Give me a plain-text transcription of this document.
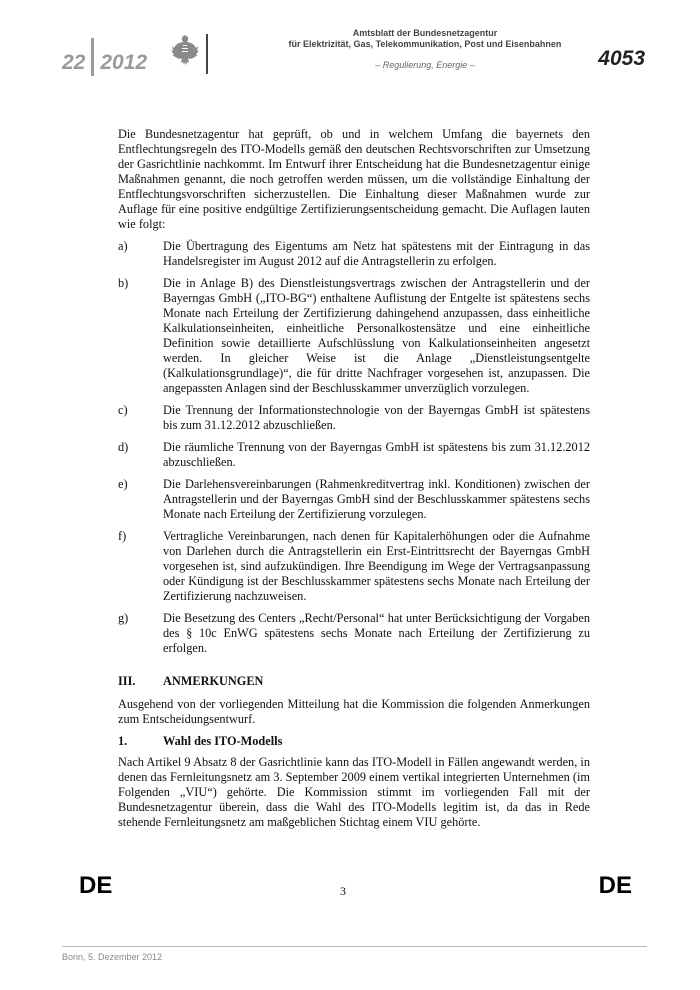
22 2012
Amtsblatt der Bundesnetzagentur
für Elektrizität, Gas, Telekommunikation, Post und Eisenbahnen
– Regulierung, Energie –	4053

Die Bundesnetzagentur hat geprüft, ob und in welchem Umfang die bayernets den Entflechtungsregeln des ITO-Modells gemäß den deutschen Rechtsvorschriften zur Umsetzung der Gasrichtlinie nachkommt. Im Entwurf ihrer Entscheidung hat die Bundesnetzagentur einige Maßnahmen genannt, die noch getroffen werden müssen, um die vollständige Einhaltung der Entflechtungsvorschriften sicherzustellen. Die Einhaltung dieser Maßnahmen wurde zur Auflage für eine positive endgültige Zertifizierungsentscheidung gemacht. Die Auflagen lauten wie folgt:

a)	Die Übertragung des Eigentums am Netz hat spätestens mit der Eintragung in das Handelsregister im August 2012 auf die Antragstellerin zu erfolgen.
b)	Die in Anlage B) des Dienstleistungsvertrags zwischen der Antragstellerin und der Bayerngas GmbH („ITO-BG“) enthaltene Auflistung der Entgelte ist spätestens sechs Monate nach Erteilung der Zertifizierung dahingehend anzupassen, dass einheitliche Kalkulationseinheiten, einheitliche Personalkostensätze und eine einheitliche Definition sowie detaillierte Aufschlüsslung von Kalkulationseinheiten angesetzt werden. In gleicher Weise ist die Anlage „Dienstleistungsentgelte (Kalkulationsgrundlage)“, die für dritte Nachfrager vorgesehen ist, anzupassen. Die angepassten Anlagen sind der Beschlusskammer unverzüglich vorzulegen.
c)	Die Trennung der Informationstechnologie von der Bayerngas GmbH ist spätestens bis zum 31.12.2012 abzuschließen.
d)	Die räumliche Trennung von der Bayerngas GmbH ist spätestens bis zum 31.12.2012 abzuschließen.
e)	Die Darlehensvereinbarungen (Rahmenkreditvertrag inkl. Konditionen) zwischen der Antragstellerin und der Bayerngas GmbH sind der Beschlusskammer spätestens sechs Monate nach Erteilung der Zertifizierung vorzulegen.
f)	Vertragliche Vereinbarungen, nach denen für Kapitalerhöhungen oder die Aufnahme von Darlehen durch die Antragstellerin ein Erst-Eintrittsrecht der Bayerngas GmbH vorgesehen ist, sind aufzukündigen. Ihre Beendigung im Wege der Vertragsanpassung oder Kündigung ist der Beschlusskammer spätestens sechs Monate nach Erteilung der Zertifizierung nachzuweisen.
g)	Die Besetzung des Centers „Recht/Personal“ hat unter Berücksichtigung der Vorgaben des § 10c EnWG spätestens sechs Monate nach Erteilung der Zertifizierung zu erfolgen.
III.	ANMERKUNGEN

Ausgehend von der vorliegenden Mitteilung hat die Kommission die folgenden Anmerkungen zum Entscheidungsentwurf.

1.	Wahl des ITO-Modells

Nach Artikel 9 Absatz 8 der Gasrichtlinie kann das ITO-Modell in Fällen angewandt werden, in denen das Fernleitungsnetz am 3. September 2009 einem vertikal integrierten Unternehmen (im Folgenden „VIU“) gehörte. Die Kommission stimmt im vorliegenden Fall mit der Bundesnetzagentur überein, dass die Wahl des ITO-Modells legitim ist, da das in Rede stehende Fernleitungsnetz am maßgeblichen Stichtag einem VIU gehörte.

DE	3	DE
Bonn, 5. Dezember 2012
